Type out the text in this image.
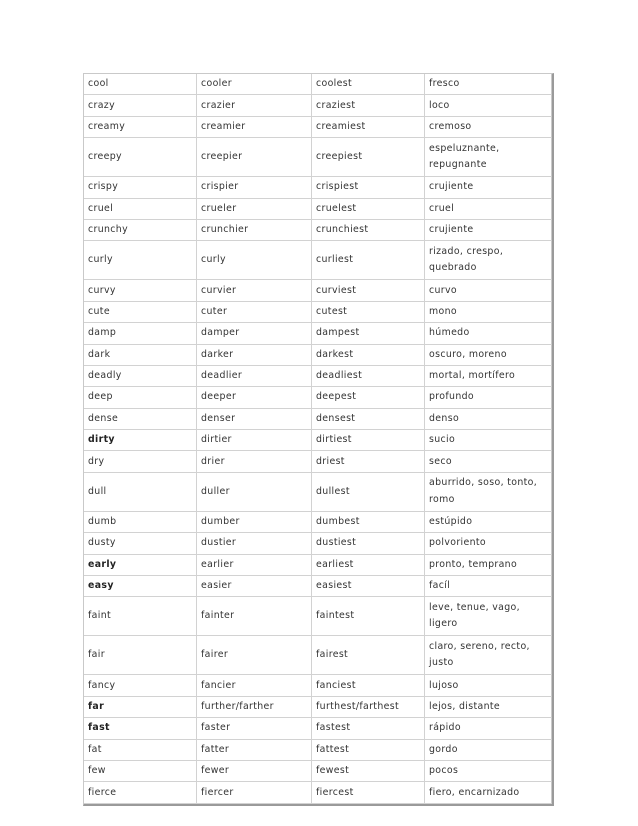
cool	cooler	coolest	fresco
crazy	crazier	craziest	loco
creamy	creamier	creamiest	cremoso
creepy	creepier	creepiest	espeluznante, repugnante
crispy	crispier	crispiest	crujiente
cruel	crueler	cruelest	cruel
crunchy	crunchier	crunchiest	crujiente
curly	curly	curliest	rizado, crespo, quebrado
curvy	curvier	curviest	curvo
cute	cuter	cutest	mono
damp	damper	dampest	húmedo
dark	darker	darkest	oscuro, moreno
deadly	deadlier	deadliest	mortal, mortífero
deep	deeper	deepest	profundo
dense	denser	densest	denso
dirty	dirtier	dirtiest	sucio
dry	drier	driest	seco
dull	duller	dullest	aburrido, soso, tonto, romo
dumb	dumber	dumbest	estúpido
dusty	dustier	dustiest	polvoriento
early	earlier	earliest	pronto, temprano
easy	easier	easiest	facíl
faint	fainter	faintest	leve, tenue, vago, ligero
fair	fairer	fairest	claro, sereno, recto, justo
fancy	fancier	fanciest	lujoso
far	further/farther	furthest/farthest	lejos, distante
fast	faster	fastest	rápido
fat	fatter	fattest	gordo
few	fewer	fewest	pocos
fierce	fiercer	fiercest	fiero, encarnizado
